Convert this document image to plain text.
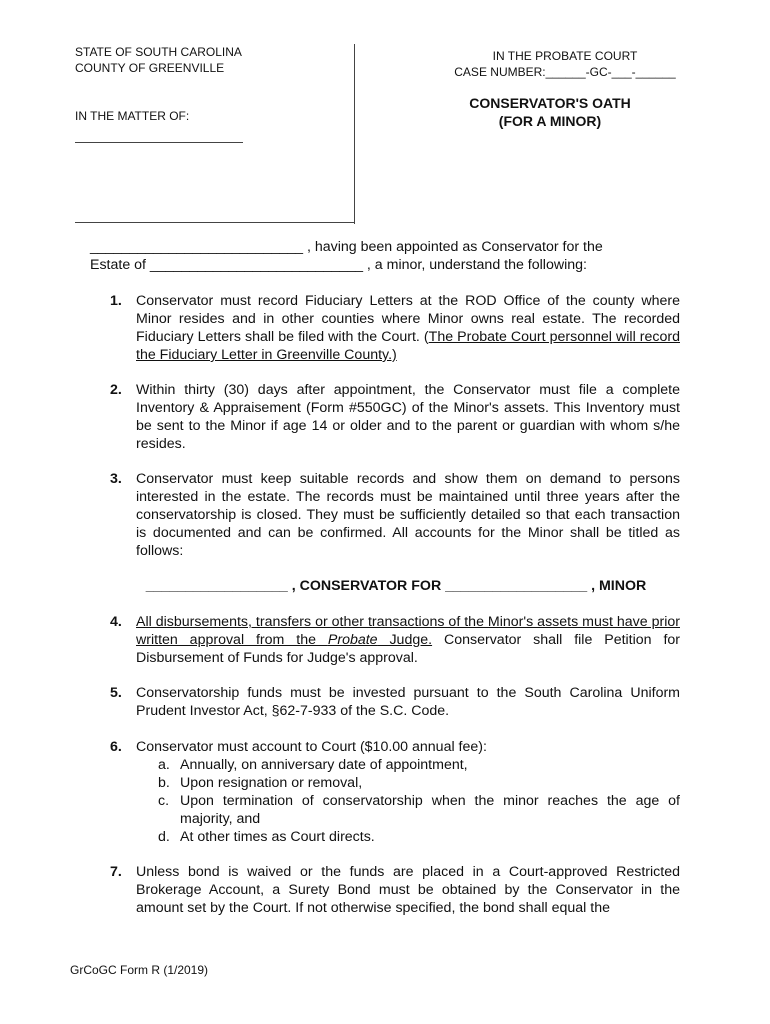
STATE OF SOUTH CAROLINA
COUNTY OF GREENVILLE
IN THE MATTER OF:
IN THE PROBATE COURT
CASE NUMBER:______-GC-___-______
CONSERVATOR'S OATH
(FOR A MINOR)
___________________________ , having been appointed as Conservator for the
Estate of ___________________________ , a minor, understand the following:
1. Conservator must record Fiduciary Letters at the ROD Office of the county where Minor resides and in other counties where Minor owns real estate. The recorded Fiduciary Letters shall be filed with the Court. (The Probate Court personnel will record the Fiduciary Letter in Greenville County.)
2. Within thirty (30) days after appointment, the Conservator must file a complete Inventory & Appraisement (Form #550GC) of the Minor's assets. This Inventory must be sent to the Minor if age 14 or older and to the parent or guardian with whom s/he resides.
3. Conservator must keep suitable records and show them on demand to persons interested in the estate. The records must be maintained until three years after the conservatorship is closed. They must be sufficiently detailed so that each transaction is documented and can be confirmed. All accounts for the Minor shall be titled as follows:
__________________ , CONSERVATOR FOR __________________ , MINOR
4. All disbursements, transfers or other transactions of the Minor's assets must have prior written approval from the Probate Judge. Conservator shall file Petition for Disbursement of Funds for Judge's approval.
5. Conservatorship funds must be invested pursuant to the South Carolina Uniform Prudent Investor Act, §62-7-933 of the S.C. Code.
6. Conservator must account to Court ($10.00 annual fee):
a. Annually, on anniversary date of appointment,
b. Upon resignation or removal,
c. Upon termination of conservatorship when the minor reaches the age of majority, and
d. At other times as Court directs.
7. Unless bond is waived or the funds are placed in a Court-approved Restricted Brokerage Account, a Surety Bond must be obtained by the Conservator in the amount set by the Court. If not otherwise specified, the bond shall equal the
GrCoGC Form R (1/2019)
